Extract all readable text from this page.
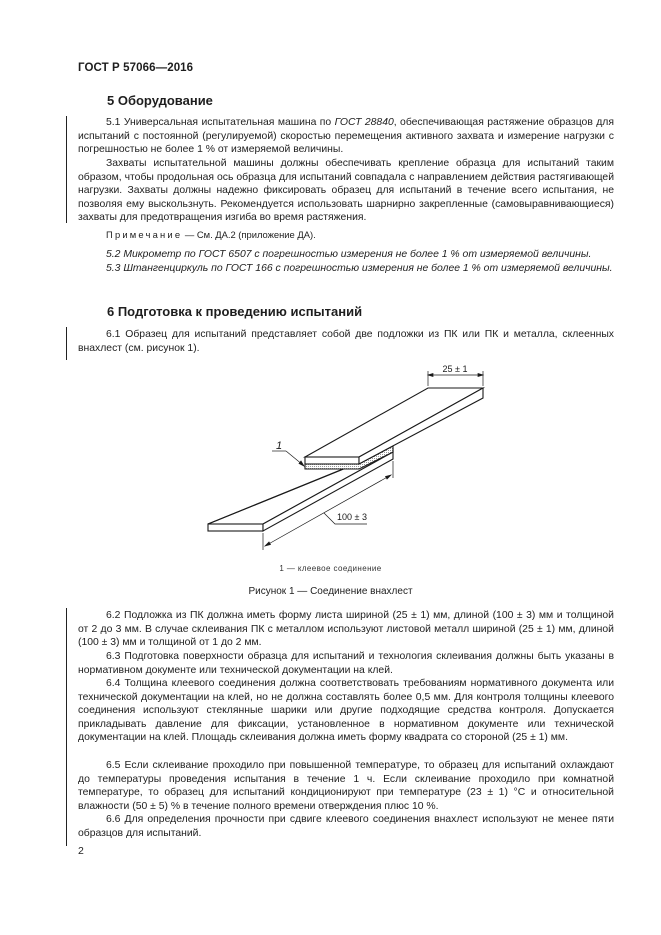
ГОСТ Р 57066—2016
5 Оборудование
5.1 Универсальная испытательная машина по ГОСТ 28840, обеспечивающая растяжение образцов для испытаний с постоянной (регулируемой) скоростью перемещения активного захвата и измерение нагрузки с погрешностью не более 1 % от измеряемой величины.
Захваты испытательной машины должны обеспечивать крепление образца для испытаний таким образом, чтобы продольная ось образца для испытаний совпадала с направлением действия растягивающей нагрузки. Захваты должны надежно фиксировать образец для испытаний в течение всего испытания, не позволяя ему выскользнуть. Рекомендуется использовать шарнирно закрепленные (самовыравнивающиеся) захваты для предотвращения изгиба во время растяжения.
Примечание — См. ДА.2 (приложение ДА).
5.2 Микрометр по ГОСТ 6507 с погрешностью измерения не более 1 % от измеряемой величины.
5.3 Штангенциркуль по ГОСТ 166 с погрешностью измерения не более 1 % от измеряемой величины.
6 Подготовка к проведению испытаний
6.1 Образец для испытаний представляет собой две подложки из ПК или ПК и металла, склеенных внахлест (см. рисунок 1).
25 ± 1
100 ± 3
1
1 — клеевое соединение
Рисунок 1 — Соединение внахлест
6.2 Подложка из ПК должна иметь форму листа шириной (25 ± 1) мм, длиной (100 ± 3) мм и толщиной от 2 до 3 мм. В случае склеивания ПК с металлом используют листовой металл шириной (25 ± 1) мм, длиной (100 ± 3) мм и толщиной от 1 до 2 мм.
6.3 Подготовка поверхности образца для испытаний и технология склеивания должны быть указаны в нормативном документе или технической документации на клей.
6.4 Толщина клеевого соединения должна соответствовать требованиям нормативного документа или технической документации на клей, но не должна составлять более 0,5 мм. Для контроля толщины клеевого соединения используют стеклянные шарики или другие подходящие средства контроля. Допускается прикладывать давление для фиксации, установленное в нормативном документе или технической документации на клей. Площадь склеивания должна иметь форму квадрата со стороной (25 ± 1) мм.
6.5 Если склеивание проходило при повышенной температуре, то образец для испытаний охлаждают до температуры проведения испытания в течение 1 ч. Если склеивание проходило при комнатной температуре, то образец для испытаний кондиционируют при температуре (23 ± 1) °С и относительной влажности (50 ± 5) % в течение полного времени отверждения плюс 10 %.
6.6 Для определения прочности при сдвиге клеевого соединения внахлест используют не менее пяти образцов для испытаний.
2
